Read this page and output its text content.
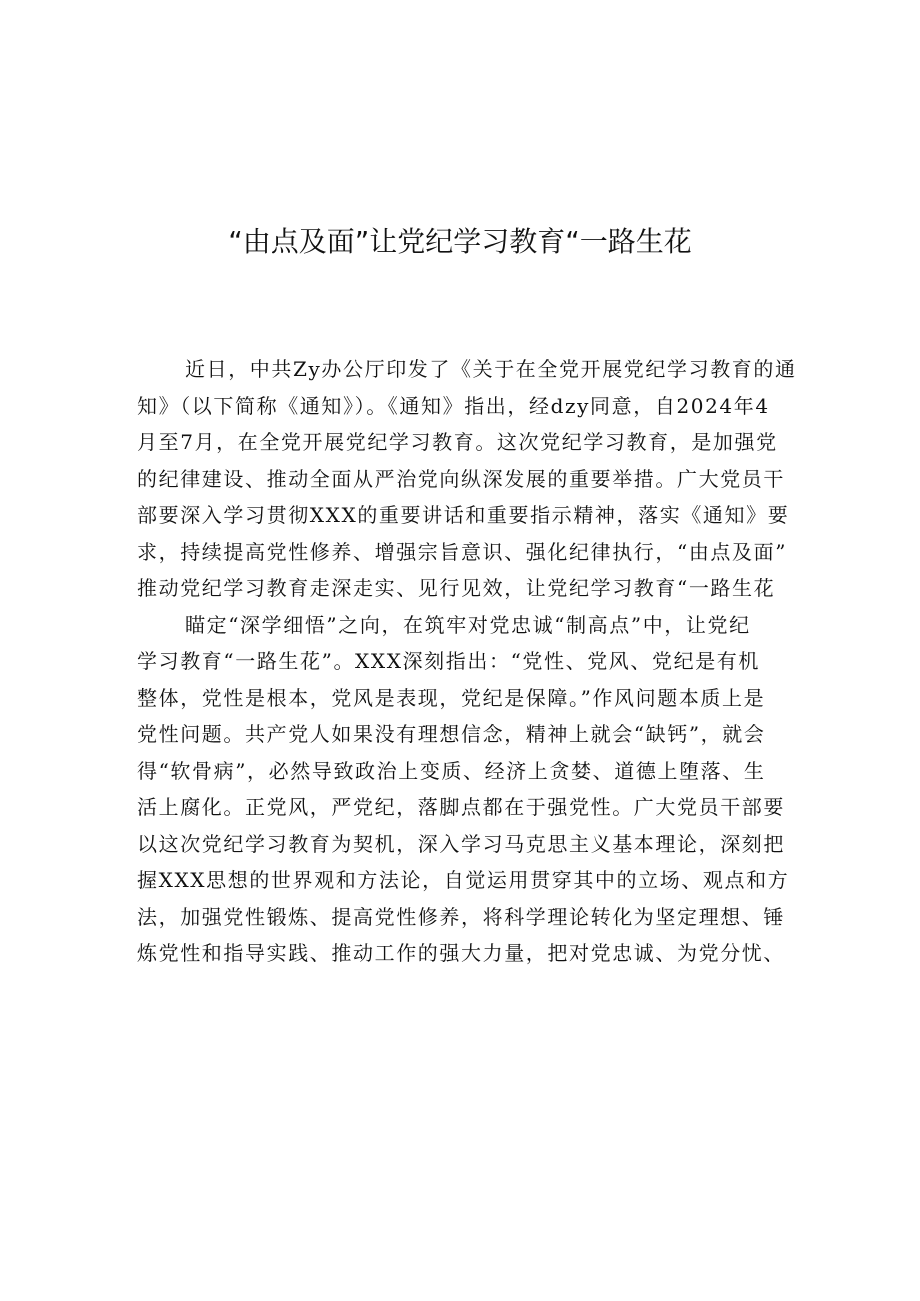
“由点及面”让党纪学习教育“一路生花
近日，中共Zy办公厅印发了《关于在全党开展党纪学习教育的通
知》（以下简称《通知》）。《通知》指出，经dzy同意，自2024年4
月至7月，在全党开展党纪学习教育。这次党纪学习教育，是加强党
的纪律建设、推动全面从严治党向纵深发展的重要举措。广大党员干
部要深入学习贯彻XXX的重要讲话和重要指示精神，落实《通知》要
求，持续提高党性修养、增强宗旨意识、强化纪律执行，“由点及面”
推动党纪学习教育走深走实、见行见效，让党纪学习教育“一路生花
瞄定“深学细悟”之向，在筑牢对党忠诚“制高点”中，让党纪
学习教育“一路生花”。XXX深刻指出：“党性、党风、党纪是有机
整体，党性是根本，党风是表现，党纪是保障。”作风问题本质上是
党性问题。共产党人如果没有理想信念，精神上就会“缺钙”，就会
得“软骨病”，必然导致政治上变质、经济上贪婪、道德上堕落、生
活上腐化。正党风，严党纪，落脚点都在于强党性。广大党员干部要
以这次党纪学习教育为契机，深入学习马克思主义基本理论，深刻把
握XXX思想的世界观和方法论，自觉运用贯穿其中的立场、观点和方
法，加强党性锻炼、提高党性修养，将科学理论转化为坚定理想、锤
炼党性和指导实践、推动工作的强大力量，把对党忠诚、为党分忧、
